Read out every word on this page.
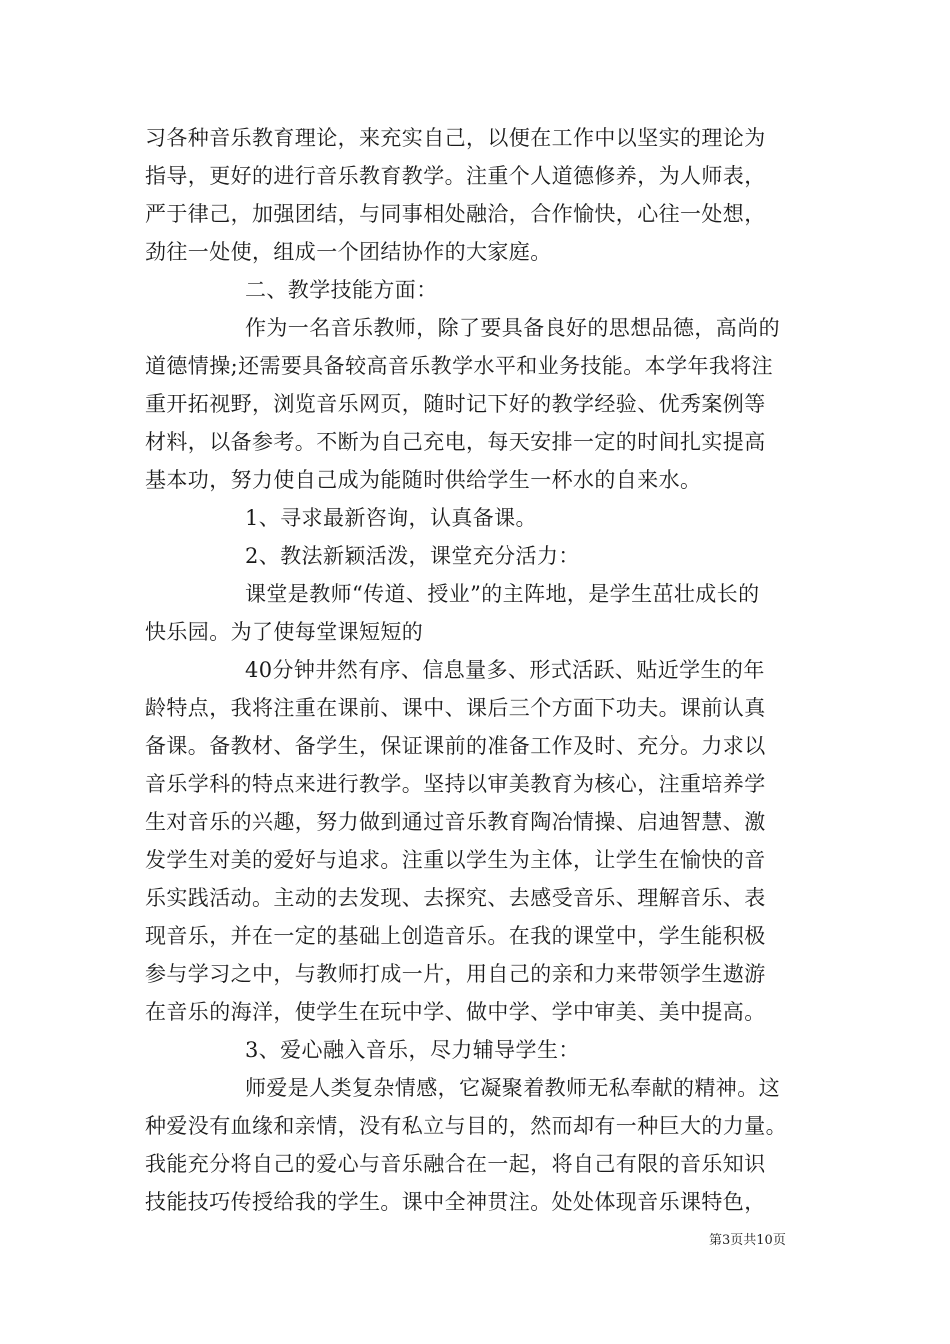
习各种音乐教育理论，来充实自己，以便在工作中以坚实的理论为
指导，更好的进行音乐教育教学。注重个人道德修养，为人师表，
严于律己，加强团结，与同事相处融洽，合作愉快，心往一处想，
劲往一处使，组成一个团结协作的大家庭。
二、教学技能方面：
作为一名音乐教师，除了要具备良好的思想品德，高尚的
道德情操;还需要具备较高音乐教学水平和业务技能。本学年我将注
重开拓视野，浏览音乐网页，随时记下好的教学经验、优秀案例等
材料，以备参考。不断为自己充电，每天安排一定的时间扎实提高
基本功，努力使自己成为能随时供给学生一杯水的自来水。
1、寻求最新咨询，认真备课。
2、教法新颖活泼，课堂充分活力：
课堂是教师“传道、授业”的主阵地，是学生茁壮成长的
快乐园。为了使每堂课短短的
40分钟井然有序、信息量多、形式活跃、贴近学生的年
龄特点，我将注重在课前、课中、课后三个方面下功夫。课前认真
备课。备教材、备学生，保证课前的准备工作及时、充分。力求以
音乐学科的特点来进行教学。坚持以审美教育为核心，注重培养学
生对音乐的兴趣，努力做到通过音乐教育陶冶情操、启迪智慧、激
发学生对美的爱好与追求。注重以学生为主体，让学生在愉快的音
乐实践活动。主动的去发现、去探究、去感受音乐、理解音乐、表
现音乐，并在一定的基础上创造音乐。在我的课堂中，学生能积极
参与学习之中，与教师打成一片，用自己的亲和力来带领学生遨游
在音乐的海洋，使学生在玩中学、做中学、学中审美、美中提高。
3、爱心融入音乐，尽力辅导学生：
师爱是人类复杂情感，它凝聚着教师无私奉献的精神。这
种爱没有血缘和亲情，没有私立与目的，然而却有一种巨大的力量。
我能充分将自己的爱心与音乐融合在一起，将自己有限的音乐知识
技能技巧传授给我的学生。课中全神贯注。处处体现音乐课特色，
第3页共10页
